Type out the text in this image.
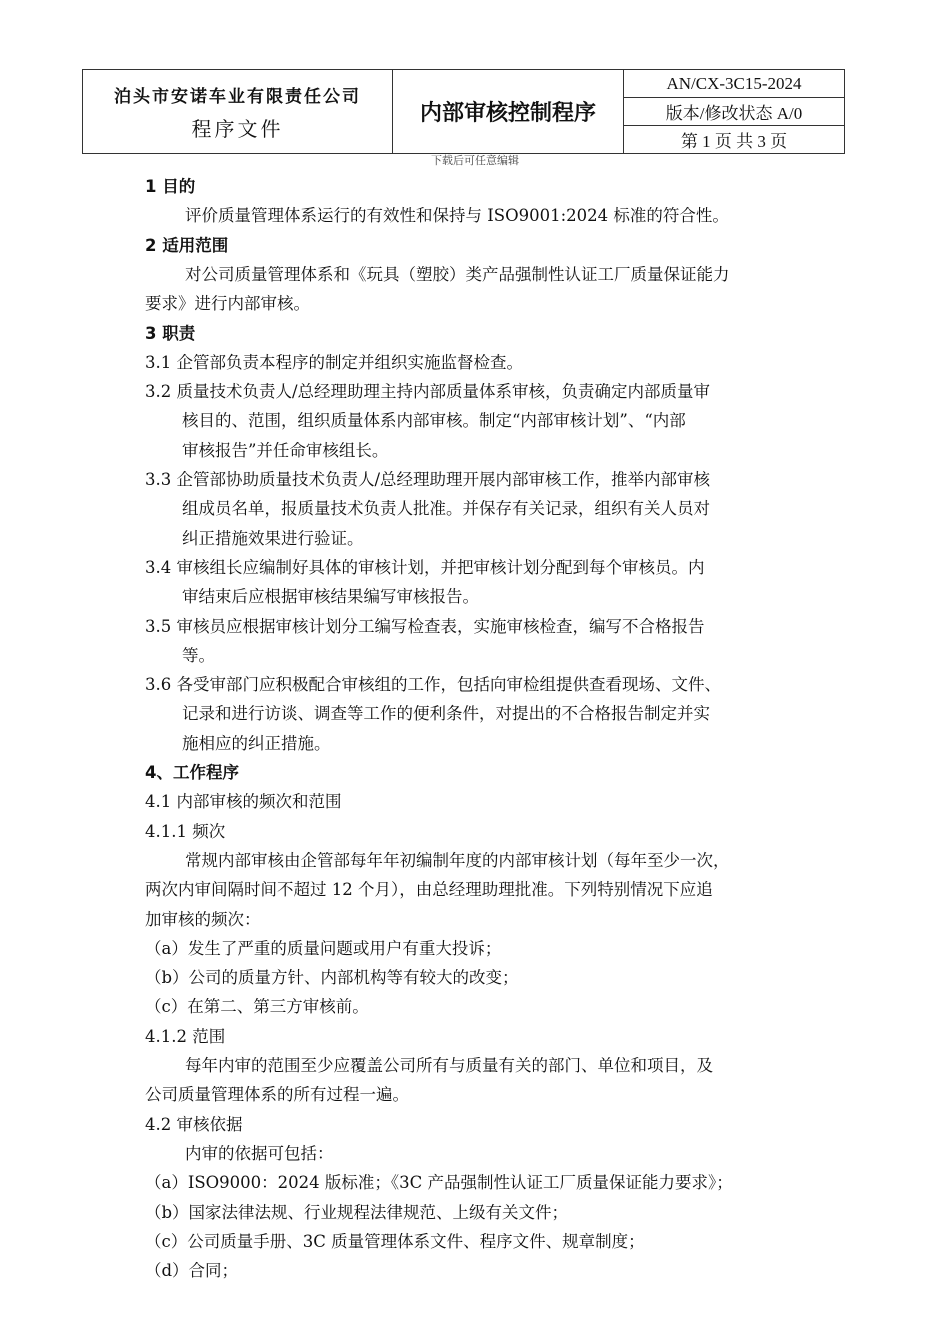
泊头市安诺车业有限责任公司
程序文件
	内部审核控制程序	AN/CX-3C15-2024
版本/修改状态 A/0
第 1 页 共 3 页
下载后可任意编辑
1 目的
评价质量管理体系运行的有效性和保持与 ISO9001:2024 标准的符合性。
2 适用范围
对公司质量管理体系和《玩具（塑胶）类产品强制性认证工厂质量保证能力
要求》进行内部审核。
3 职责
3.1 企管部负责本程序的制定并组织实施监督检查。
3.2 质量技术负责人/总经理助理主持内部质量体系审核，负责确定内部质量审
核目的、范围，组织质量体系内部审核。制定“内部审核计划”、“内部
审核报告”并任命审核组长。
3.3 企管部协助质量技术负责人/总经理助理开展内部审核工作，推举内部审核
组成员名单，报质量技术负责人批准。并保存有关记录，组织有关人员对
纠正措施效果进行验证。
3.4 审核组长应编制好具体的审核计划，并把审核计划分配到每个审核员。内
审结束后应根据审核结果编写审核报告。
3.5 审核员应根据审核计划分工编写检查表，实施审核检查，编写不合格报告
等。
3.6 各受审部门应积极配合审核组的工作，包括向审检组提供查看现场、文件、
记录和进行访谈、调查等工作的便利条件，对提出的不合格报告制定并实
施相应的纠正措施。
4、工作程序
4.1 内部审核的频次和范围
4.1.1 频次
常规内部审核由企管部每年年初编制年度的内部审核计划（每年至少一次，
两次内审间隔时间不超过 12 个月），由总经理助理批准。下列特别情况下应追
加审核的频次：
（a）发生了严重的质量问题或用户有重大投诉；
（b）公司的质量方针、内部机构等有较大的改变；
（c）在第二、第三方审核前。
4.1.2 范围
每年内审的范围至少应覆盖公司所有与质量有关的部门、单位和项目，及
公司质量管理体系的所有过程一遍。
4.2 审核依据
内审的依据可包括：
（a）ISO9000：2024 版标准；《3C 产品强制性认证工厂质量保证能力要求》；
（b）国家法律法规、行业规程法律规范、上级有关文件；
（c）公司质量手册、3C 质量管理体系文件、程序文件、规章制度；
（d）合同；
